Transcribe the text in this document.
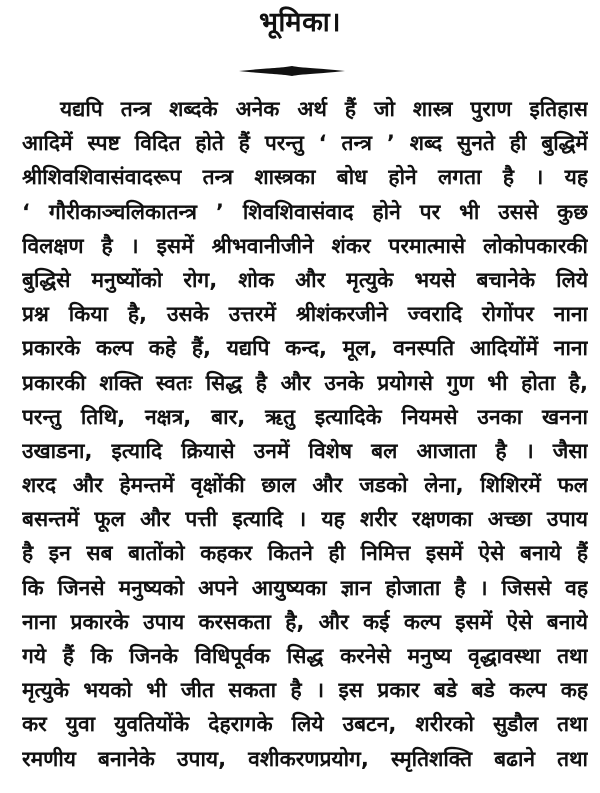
भूमिका।
यद्यपि तन्त्र शब्दके अनेक अर्थ हैं जो शास्त्र पुराण इतिहास
आदिमें स्पष्ट विदित होते हैं परन्तु ‘ तन्त्र ’ शब्द सुनते ही बुद्धिमें
श्रीशिवशिवासंवादरूप तन्त्र शास्त्रका बोध होने लगता है । यह
‘ गौरीकाञ्चलिकातन्त्र ’ शिवशिवासंवाद होने पर भी उससे कुछ
विलक्षण है । इसमें श्रीभवानीजीने शंकर परमात्मासे लोकोपकारकी
बुद्धिसे मनुष्योंको रोग, शोक और मृत्युके भयसे बचानेके लिये
प्रश्न किया है, उसके उत्तरमें श्रीशंकरजीने ज्वरादि रोगोंपर नाना
प्रकारके कल्प कहे हैं, यद्यपि कन्द, मूल, वनस्पति आदियोंमें नाना
प्रकारकी शक्ति स्वतः सिद्ध है और उनके प्रयोगसे गुण भी होता है,
परन्तु तिथि, नक्षत्र, बार, ऋतु इत्यादिके नियमसे उनका खनना
उखाडना, इत्यादि क्रियासे उनमें विशेष बल आजाता है । जैसा
शरद और हेमन्तमें वृक्षोंकी छाल और जडको लेना, शिशिरमें फल
बसन्तमें फूल और पत्ती इत्यादि । यह शरीर रक्षणका अच्छा उपाय
है इन सब बातोंको कहकर कितने ही निमित्त इसमें ऐसे बनाये हैं
कि जिनसे मनुष्यको अपने आयुष्यका ज्ञान होजाता है । जिससे वह
नाना प्रकारके उपाय करसकता है, और कई कल्प इसमें ऐसे बनाये
गये हैं कि जिनके विधिपूर्वक सिद्ध करनेसे मनुष्य वृद्धावस्था तथा
मृत्युके भयको भी जीत सकता है । इस प्रकार बडे बडे कल्प कह
कर युवा युवतियोंके देहरागके लिये उबटन, शरीरको सुडौल तथा
रमणीय बनानेके उपाय, वशीकरणप्रयोग, स्मृतिशक्ति बढाने तथा
